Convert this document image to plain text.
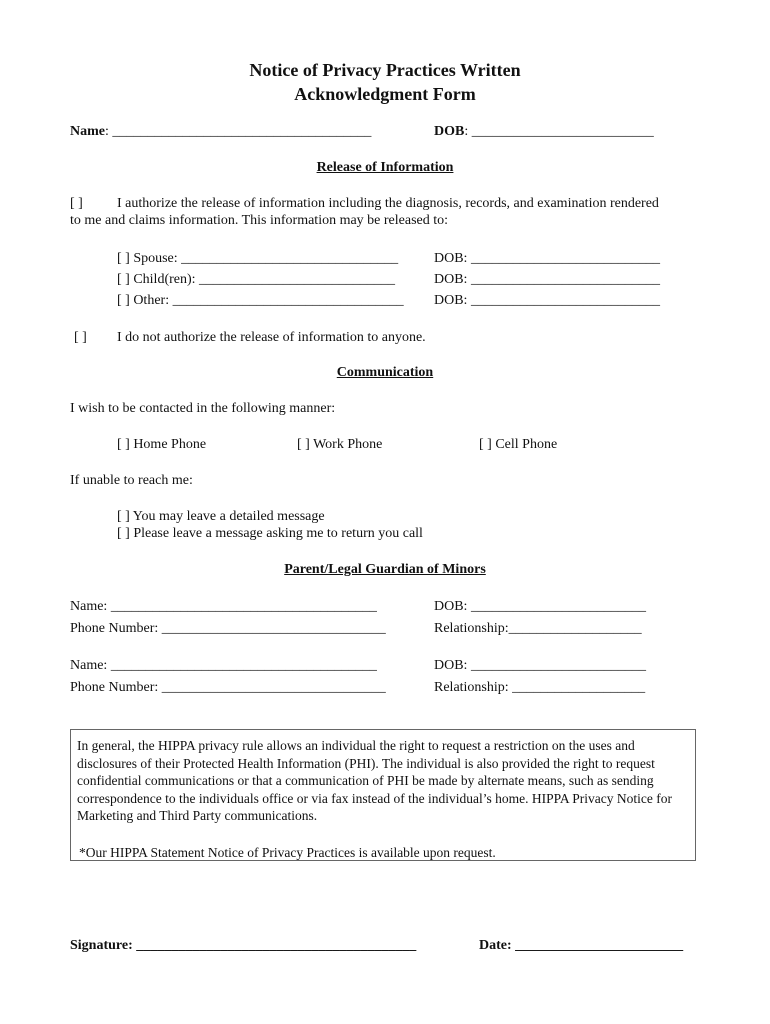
Notice of Privacy Practices Written
Acknowledgment Form
Name: _____________________________________	DOB: __________________________
Release of Information
[ ]	I authorize the release of information including the diagnosis, records, and examination rendered to me and claims information. This information may be released to:
[ ] Spouse: _______________________________	DOB: ___________________________
[ ] Child(ren): ____________________________	DOB: ___________________________
[ ] Other: _________________________________ DOB: ___________________________
[ ] I do not authorize the release of information to anyone.
Communication
I wish to be contacted in the following manner:
[ ] Home Phone	[ ] Work Phone	[ ] Cell Phone
If unable to reach me:
[ ] You may leave a detailed message
[ ] Please leave a message asking me to return you call
Parent/Legal Guardian of Minors
Name: ______________________________________	DOB: _________________________
Phone Number: ________________________________	Relationship:___________________
Name: ______________________________________	DOB: _________________________
Phone Number: ________________________________	Relationship: ___________________
In general, the HIPPA privacy rule allows an individual the right to request a restriction on the uses and disclosures of their Protected Health Information (PHI). The individual is also provided the right to request confidential communications or that a communication of PHI be made by alternate means, such as sending correspondence to the individuals office or via fax instead of the individual’s home. HIPPA Privacy Notice for Marketing and Third Party communications.
*Our HIPPA Statement Notice of Privacy Practices is available upon request.
Signature: ________________________________________	Date: ________________________
